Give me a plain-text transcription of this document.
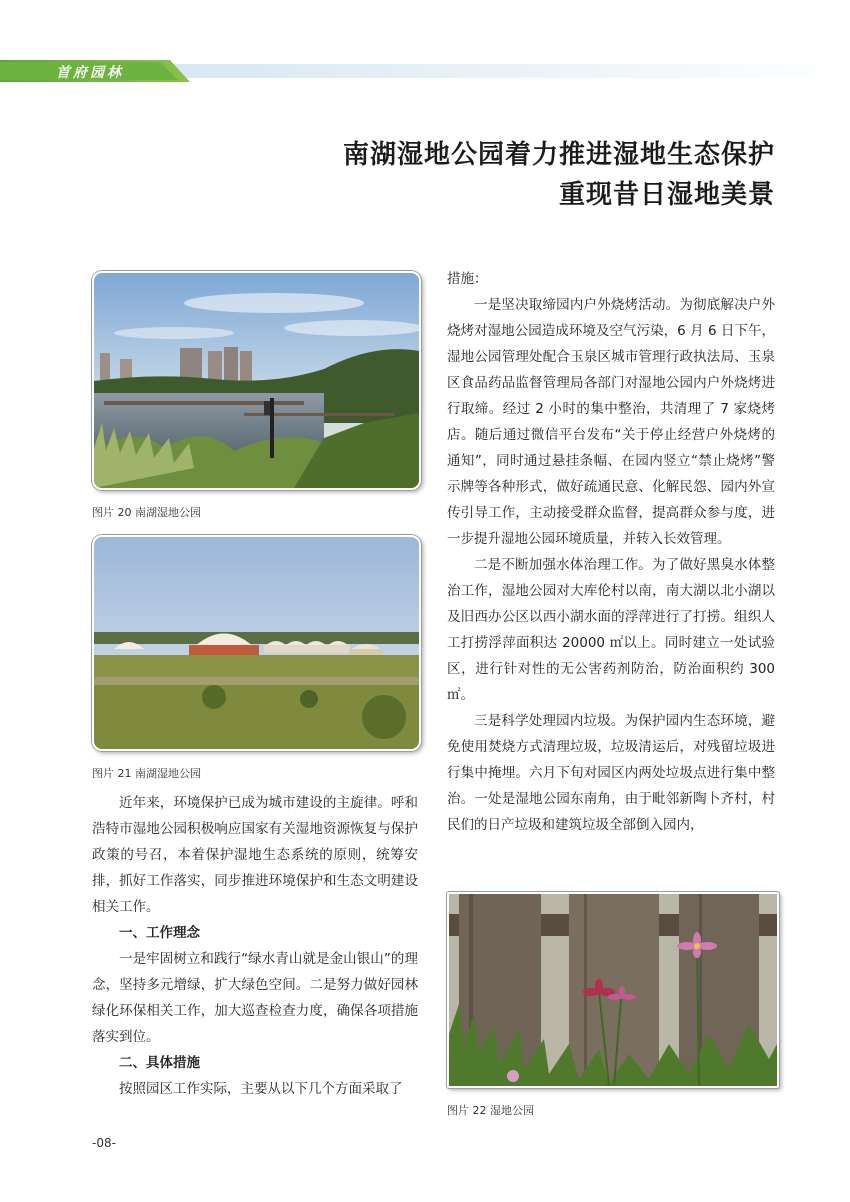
首府园林
南湖湿地公园着力推进湿地生态保护
重现昔日湿地美景
图片 20 南湖湿地公园
图片 21 南湖湿地公园
图片 22 湿地公园

近年来，环境保护已成为城市建设的主旋律。呼和浩特市湿地公园积极响应国家有关湿地资源恢复与保护政策的号召，本着保护湿地生态系统的原则，统筹安排，抓好工作落实，同步推进环境保护和生态文明建设相关工作。

一、工作理念

一是牢固树立和践行“绿水青山就是金山银山”的理念，坚持多元增绿，扩大绿色空间。二是努力做好园林绿化环保相关工作，加大巡查检查力度，确保各项措施落实到位。

二、具体措施

按照园区工作实际，主要从以下几个方面采取了

措施：

一是坚决取缔园内户外烧烤活动。为彻底解决户外烧烤对湿地公园造成环境及空气污染，6 月 6 日下午，湿地公园管理处配合玉泉区城市管理行政执法局、玉泉区食品药品监督管理局各部门对湿地公园内户外烧烤进行取缔。经过 2 小时的集中整治，共清理了 7 家烧烤店。随后通过微信平台发布“关于停止经营户外烧烤的通知”，同时通过悬挂条幅、在园内竖立“禁止烧烤”警示牌等各种形式，做好疏通民意、化解民怨、园内外宣传引导工作，主动接受群众监督，提高群众参与度，进一步提升湿地公园环境质量，并转入长效管理。

二是不断加强水体治理工作。为了做好黑臭水体整治工作，湿地公园对大库伦村以南，南大湖以北小湖以及旧西办公区以西小湖水面的浮萍进行了打捞。组织人工打捞浮萍面积达 20000 ㎡以上。同时建立一处试验区，进行针对性的无公害药剂防治，防治面积约 300 ㎡。

三是科学处理园内垃圾。为保护园内生态环境，避免使用焚烧方式清理垃圾，垃圾清运后，对残留垃圾进行集中掩埋。六月下旬对园区内两处垃圾点进行集中整治。一处是湿地公园东南角，由于毗邻新陶卜齐村，村民们的日产垃圾和建筑垃圾全部倒入园内，

-08-
